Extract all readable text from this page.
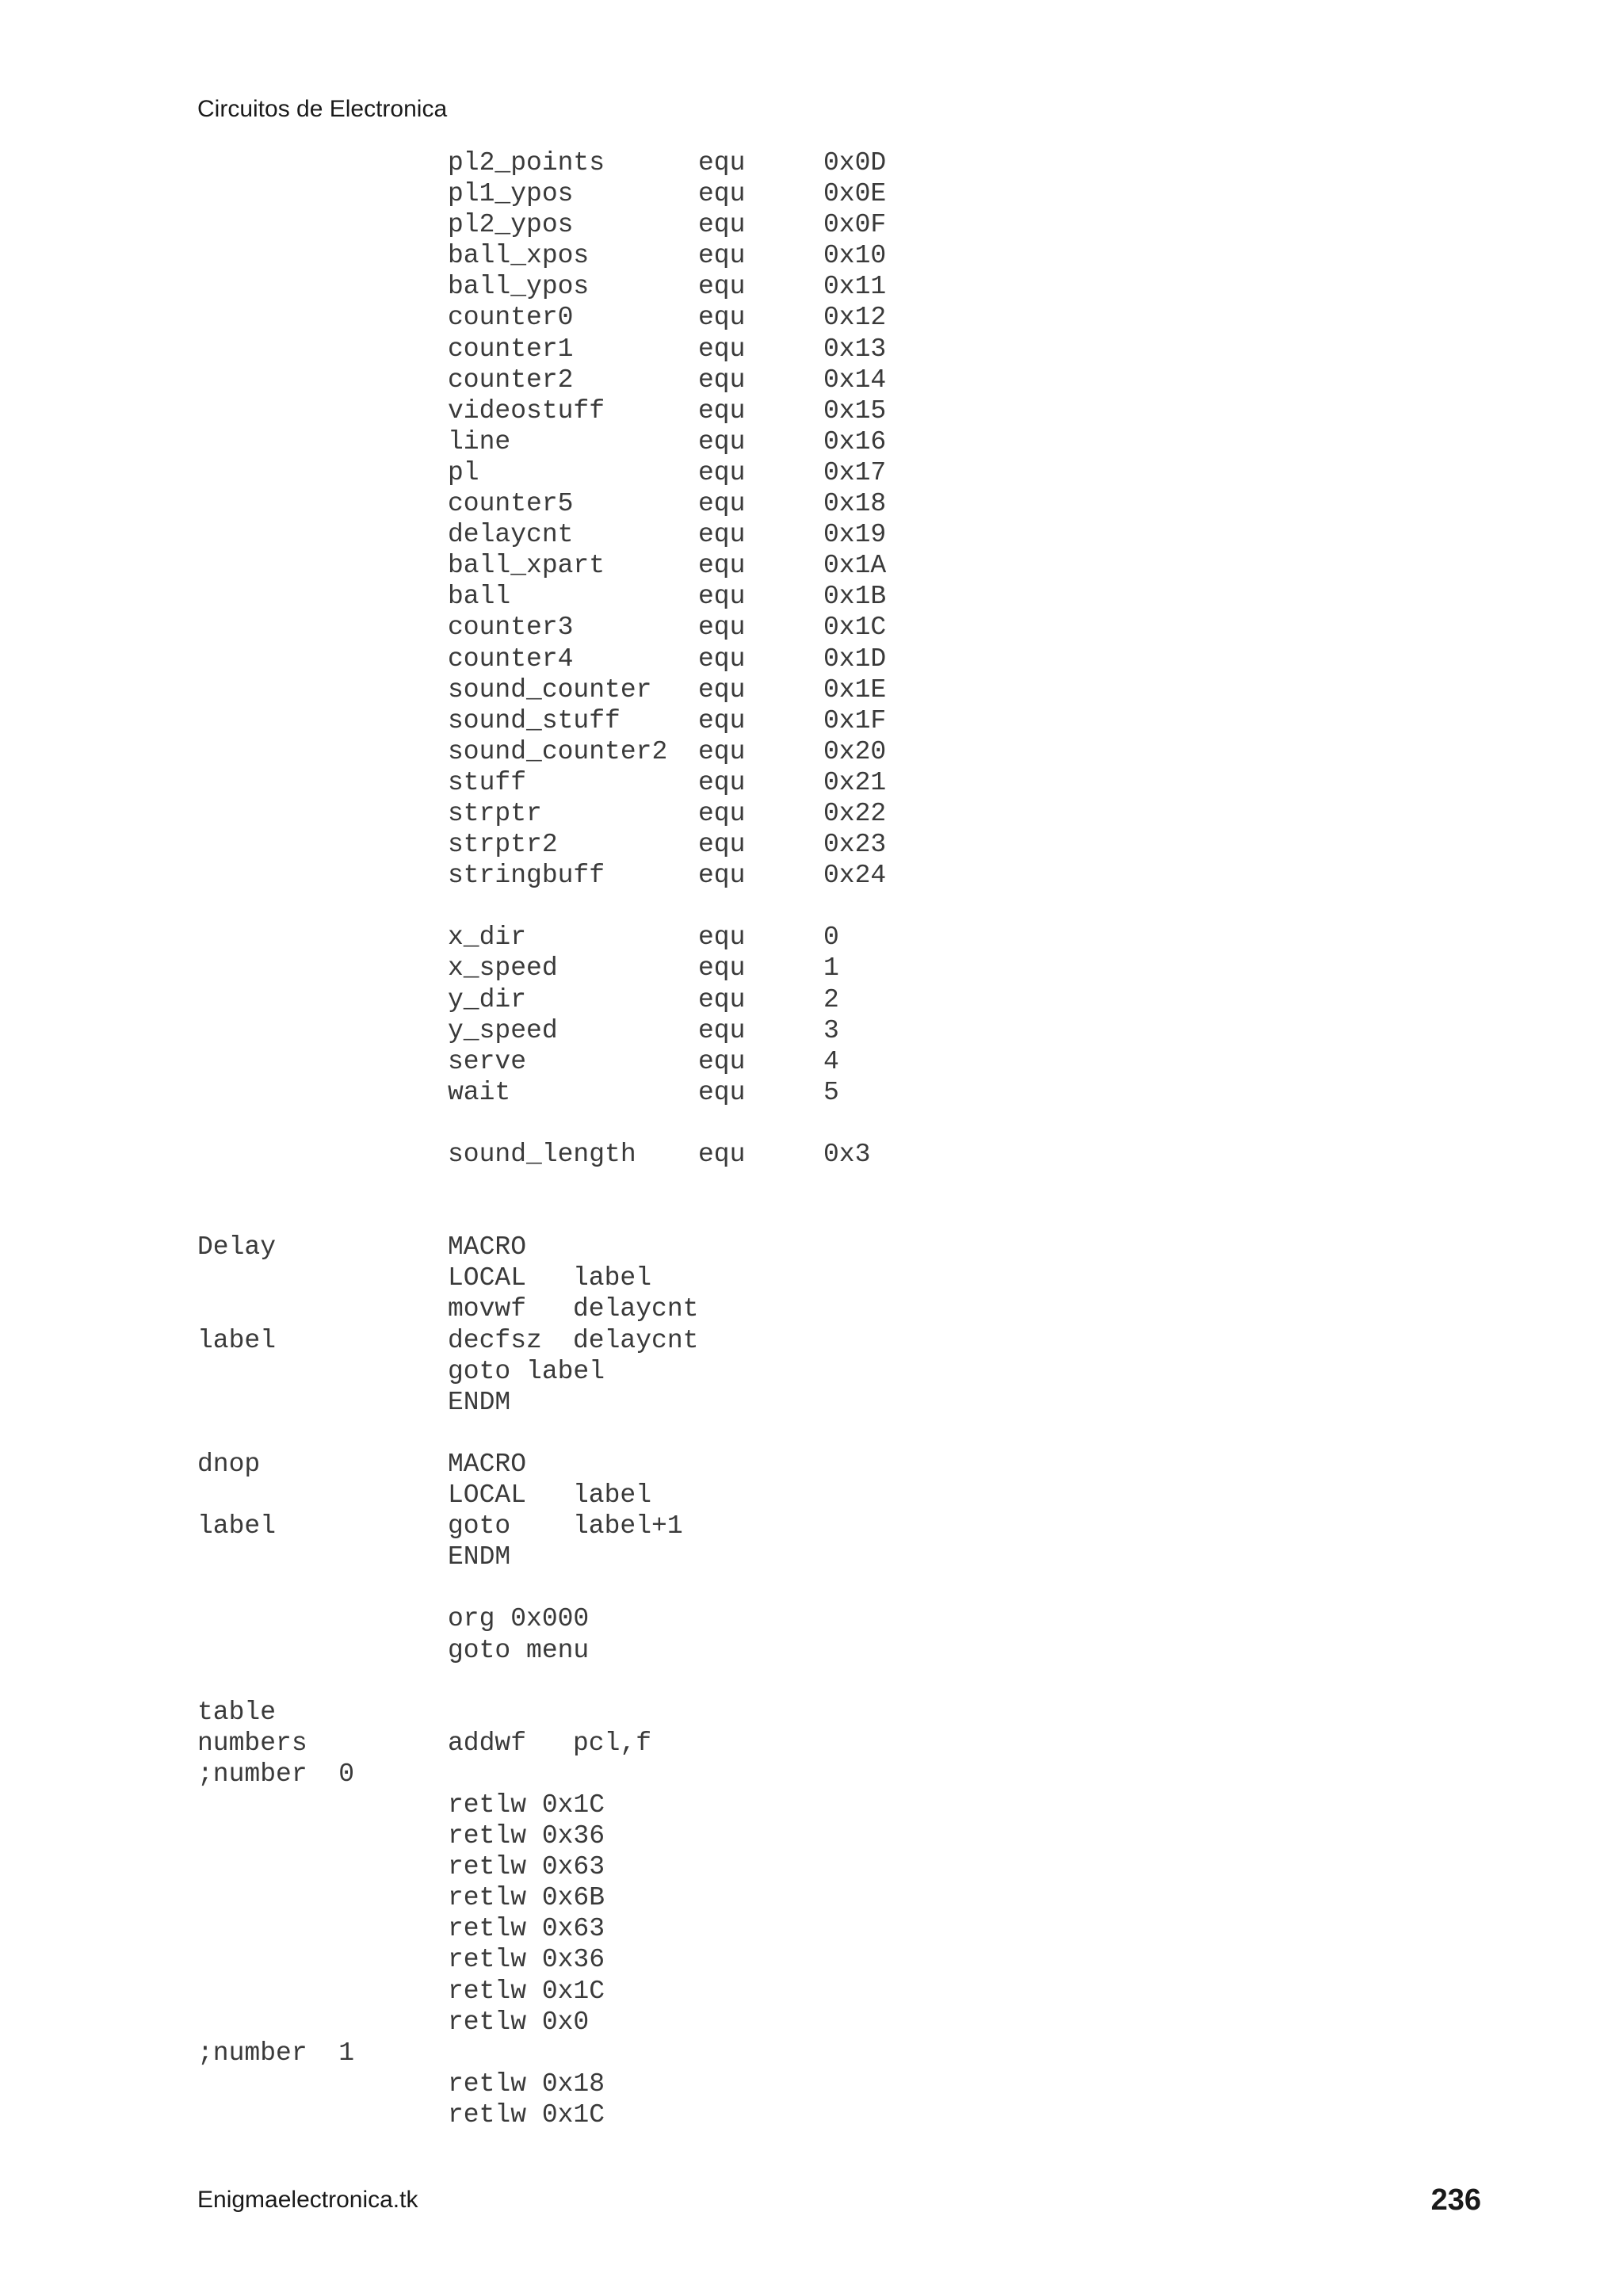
Circuitos de Electronica
pl2_points	equ	0x0D
pl1_ypos	equ	0x0E
pl2_ypos	equ	0x0F
ball_xpos	equ	0x10
ball_ypos	equ	0x11
counter0	equ	0x12
counter1	equ	0x13
counter2	equ	0x14
videostuff	equ	0x15
line	equ	0x16
pl	equ	0x17
counter5	equ	0x18
delaycnt	equ	0x19
ball_xpart	equ	0x1A
ball	equ	0x1B
counter3	equ	0x1C
counter4	equ	0x1D
sound_counter equ	0x1E
sound_stuff	equ	0x1F
sound_counter2 equ	0x20
stuff	equ	0x21
strptr	equ	0x22
strptr2	equ	0x23
stringbuff	equ	0x24
x_dir	equ	0
x_speed	equ	1
y_dir	equ	2
y_speed	equ	3
serve	equ	4
wait	equ	5
sound_length equ	0x3
Delay	MACRO
LOCAL label
movwf delaycnt
label	decfsz delaycnt
goto label
ENDM
dnop	MACRO
LOCAL label
label	goto label+1
ENDM
org 0x000
goto menu
table
numbers	addwf pcl,f
;number  0
retlw 0x1C
retlw 0x36
retlw 0x63
retlw 0x6B
retlw 0x63
retlw 0x36
retlw 0x1C
retlw 0x0
;number  1
retlw 0x18
retlw 0x1C
Enigmaelectronica.tk	236
